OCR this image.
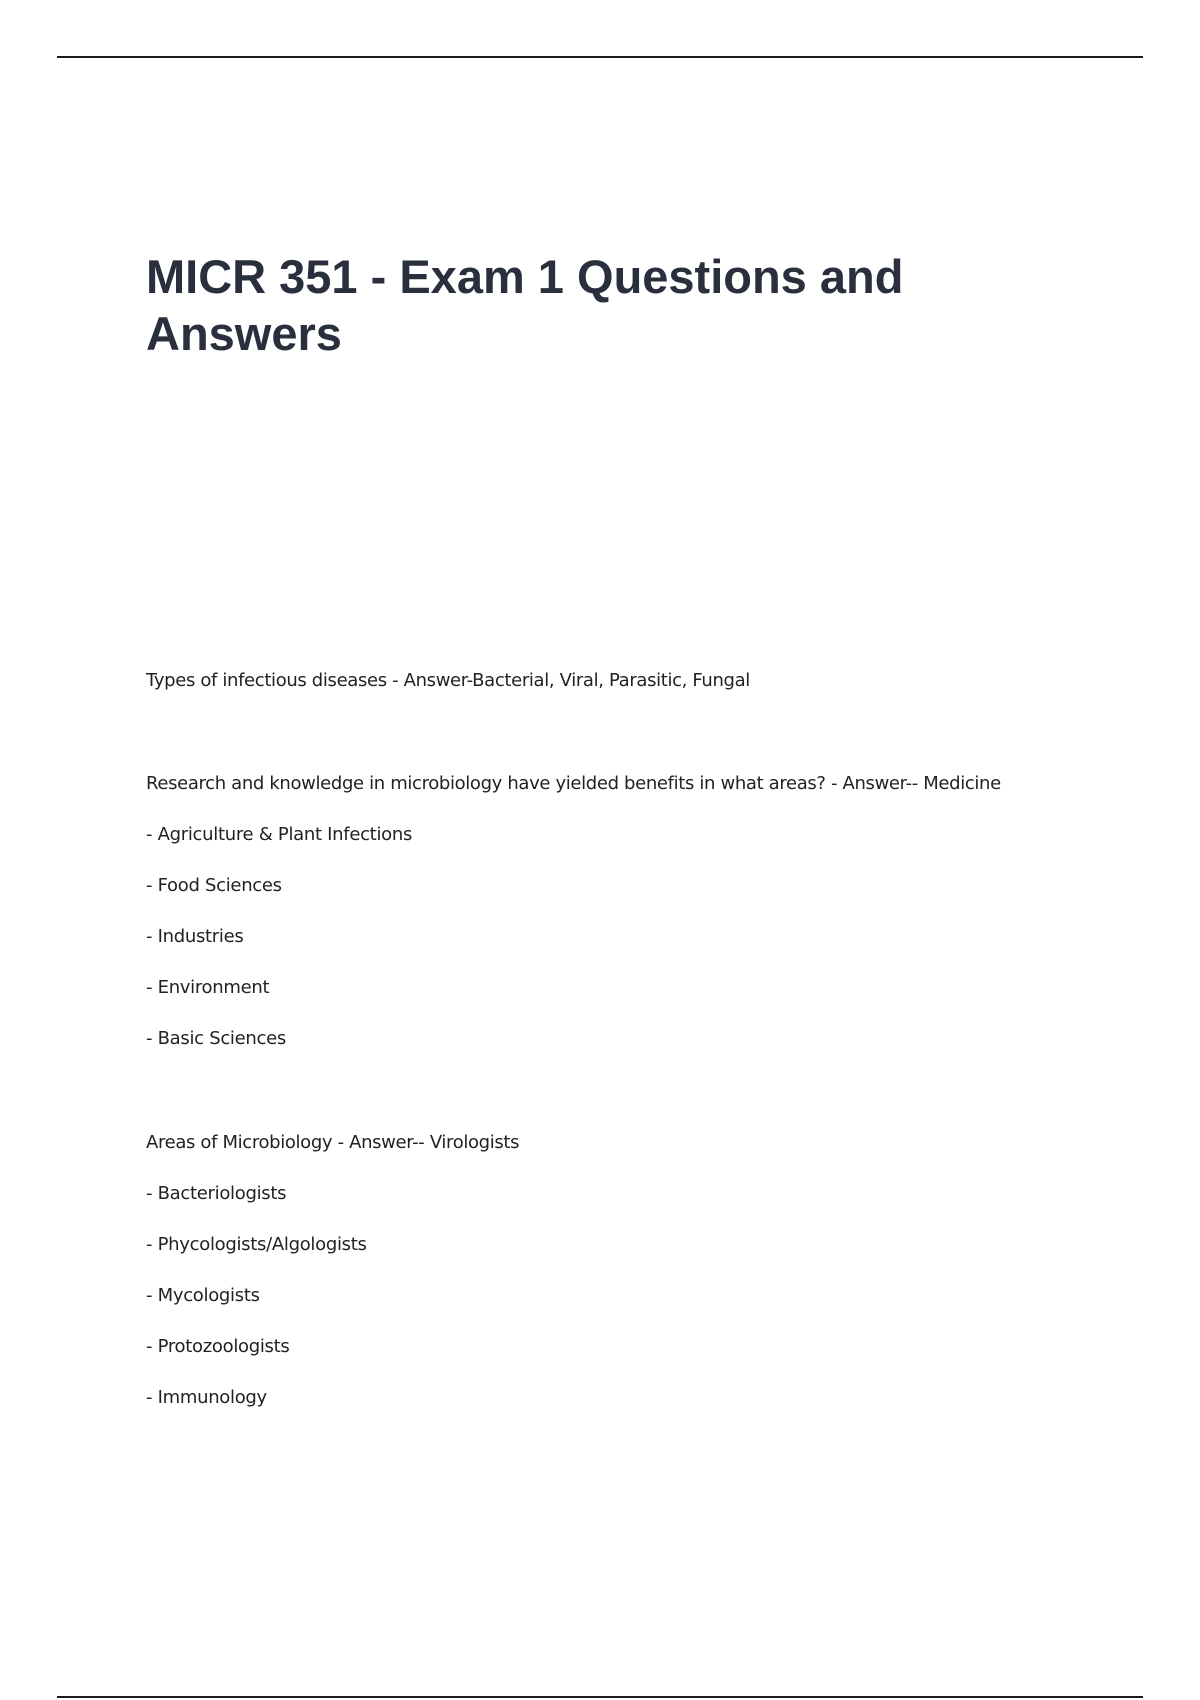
MICR 351 - Exam 1 Questions and Answers

Types of infectious diseases - Answer-Bacterial, Viral, Parasitic, Fungal

Research and knowledge in microbiology have yielded benefits in what areas? - Answer-- Medicine

- Agriculture & Plant Infections

- Food Sciences

- Industries

- Environment

- Basic Sciences

Areas of Microbiology - Answer-- Virologists

- Bacteriologists

- Phycologists/Algologists

- Mycologists

- Protozoologists

- Immunology
